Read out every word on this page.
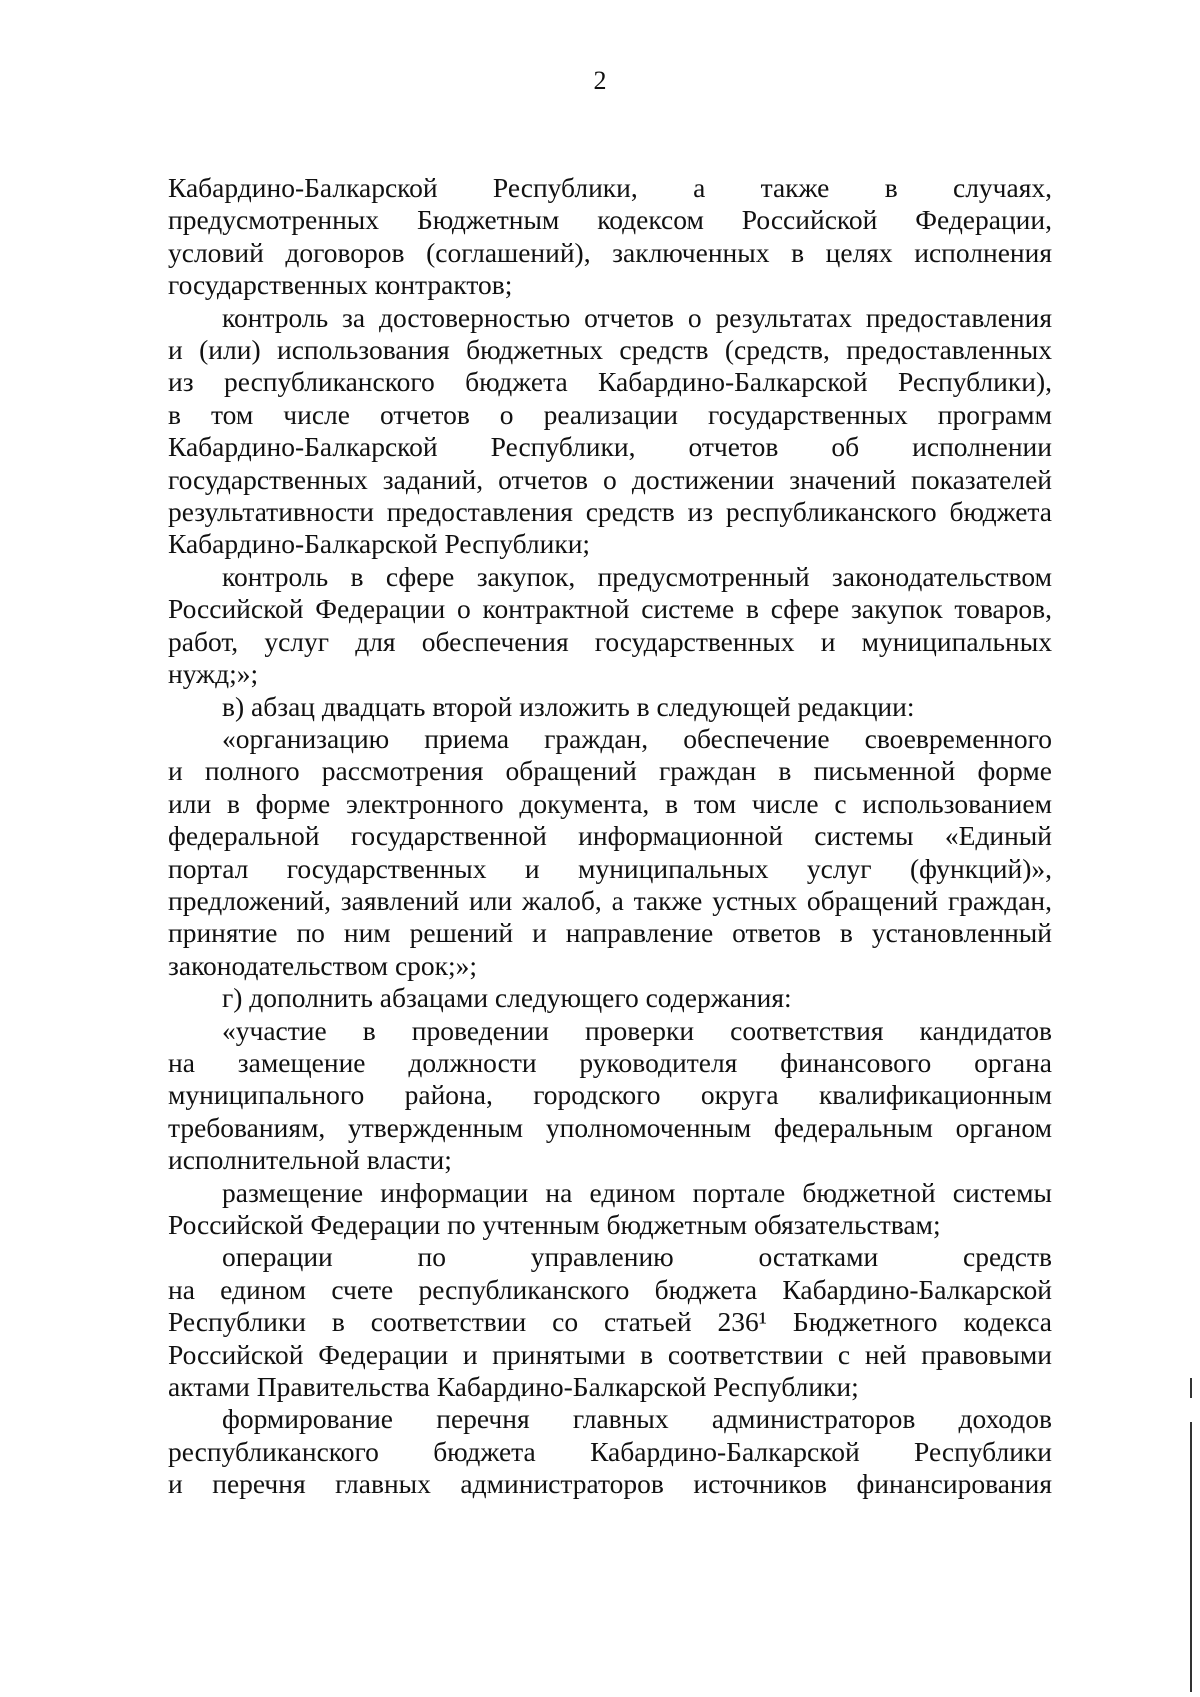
2
Кабардино-Балкарской Республики, а также в случаях,
предусмотренных Бюджетным кодексом Российской Федерации,
условий договоров (соглашений), заключенных в целях исполнения
государственных контрактов;
контроль за достоверностью отчетов о результатах предоставления
и (или) использования бюджетных средств (средств, предоставленных
из республиканского бюджета Кабардино-Балкарской Республики),
в том числе отчетов о реализации государственных программ
Кабардино-Балкарской Республики, отчетов об исполнении
государственных заданий, отчетов о достижении значений показателей
результативности предоставления средств из республиканского бюджета
Кабардино-Балкарской Республики;
контроль в сфере закупок, предусмотренный законодательством
Российской Федерации о контрактной системе в сфере закупок товаров,
работ, услуг для обеспечения государственных и муниципальных
нужд;»;
в) абзац двадцать второй изложить в следующей редакции:
«организацию приема граждан, обеспечение своевременного
и полного рассмотрения обращений граждан в письменной форме
или в форме электронного документа, в том числе с использованием
федеральной государственной информационной системы «Единый
портал государственных и муниципальных услуг (функций)»,
предложений, заявлений или жалоб, а также устных обращений граждан,
принятие по ним решений и направление ответов в установленный
законодательством срок;»;
г) дополнить абзацами следующего содержания:
«участие в проведении проверки соответствия кандидатов
на замещение должности руководителя финансового органа
муниципального района, городского округа квалификационным
требованиям, утвержденным уполномоченным федеральным органом
исполнительной власти;
размещение информации на едином портале бюджетной системы
Российской Федерации по учтенным бюджетным обязательствам;
операции по управлению остатками средств
на едином счете республиканского бюджета Кабардино-Балкарской
Республики в соответствии со статьей 236¹ Бюджетного кодекса
Российской Федерации и принятыми в соответствии с ней правовыми
актами Правительства Кабардино-Балкарской Республики;
формирование перечня главных администраторов доходов
республиканского бюджета Кабардино-Балкарской Республики
и перечня главных администраторов источников финансирования
